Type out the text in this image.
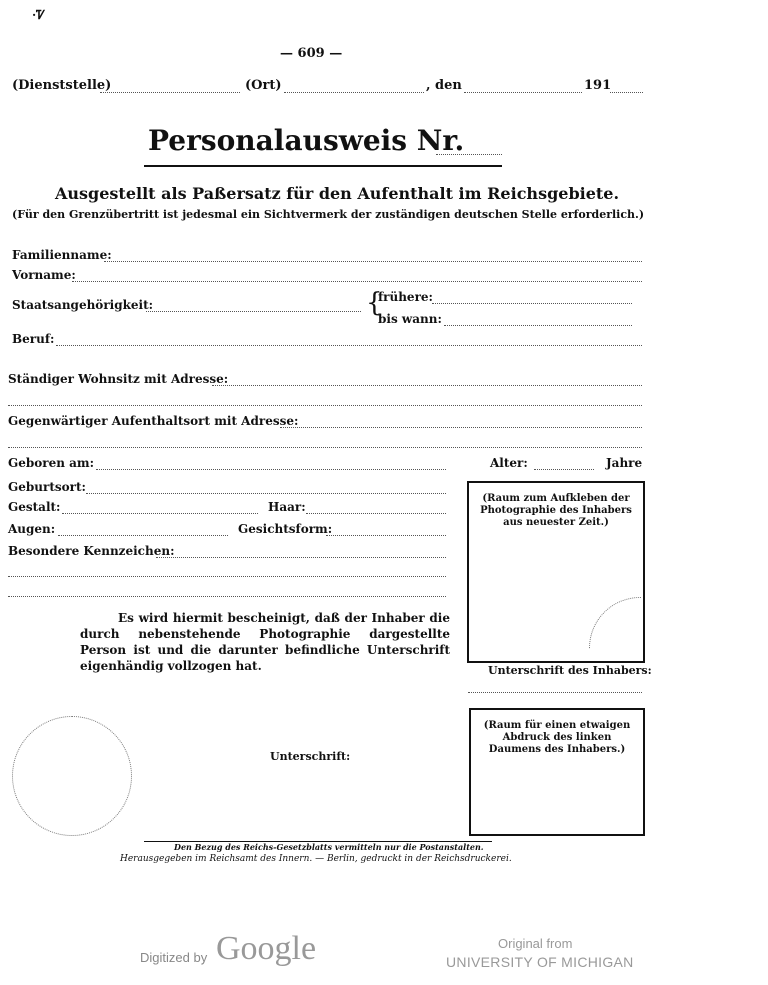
·Ꮴ
— 609 —
(Dienststelle)	(Ort)	, den	191
Personalausweis Nr.
Ausgestellt als Paßersatz für den Aufenthalt im Reichsgebiete.
(Für den Grenzübertritt ist jedesmal ein Sichtvermerk der zuständigen deutschen Stelle erforderlich.)
Familienname:
Vorname:
Staatsangehörigkeit:	{
frühere:
bis wann:
Beruf:
Ständiger Wohnsitz mit Adresse:
Gegenwärtiger Aufenthaltsort mit Adresse:
Geboren am:	Alter:	Jahre
Geburtsort:
Gestalt:	Haar:
Augen:	Gesichtsform:
Besondere Kennzeichen:
(Raum zum Aufkleben der Photographie des Inhabers aus neuester Zeit.)
Es wird hiermit bescheinigt, daß der Inhaber die durch nebenstehende Photographie dargestellte Person ist und die darunter befindliche Unterschrift eigenhändig vollzogen hat.	Unterschrift des Inhabers:
(Raum für einen etwaigen Abdruck des linken Daumens des Inhabers.)
Unterschrift:
Den Bezug des Reichs-Gesetzblatts vermitteln nur die Postanstalten.
Herausgegeben im Reichsamt des Innern. — Berlin, gedruckt in der Reichsdruckerei.
Digitized by Google	Original from
UNIVERSITY OF MICHIGAN
